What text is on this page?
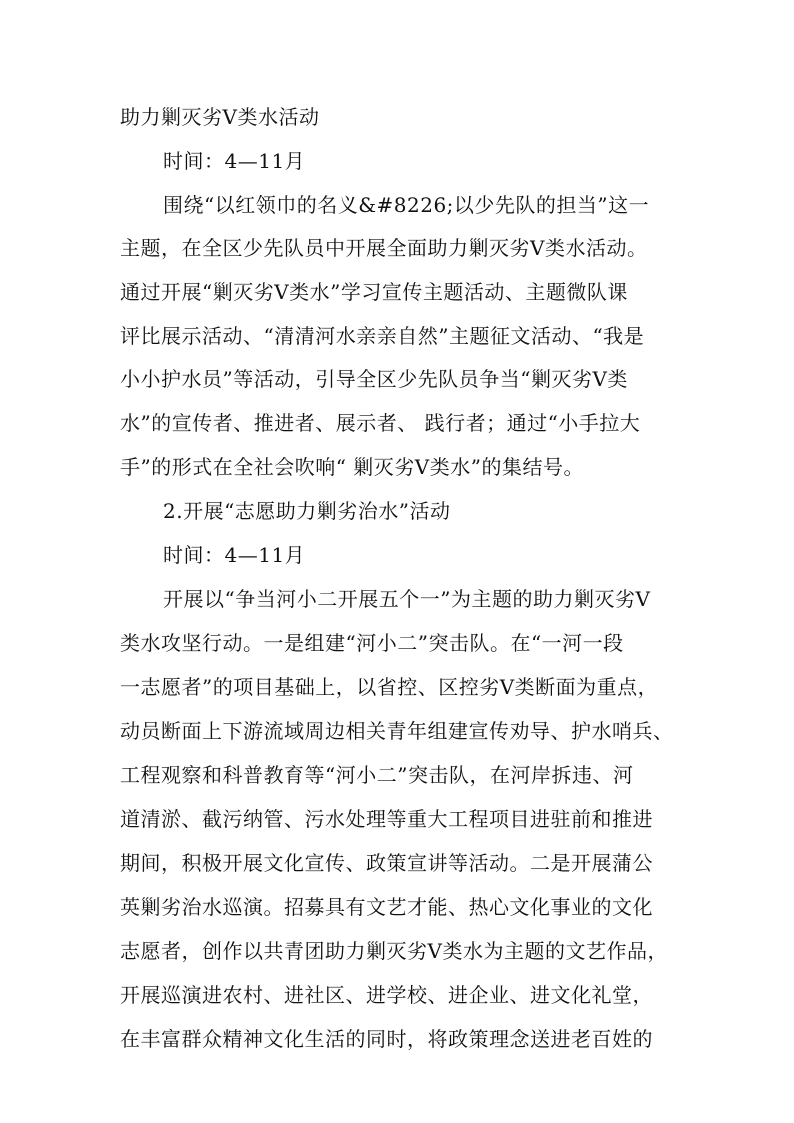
助力剿灭劣Ⅴ类水活动
时间：4—11月
围绕“以红领巾的名义&#8226;以少先队的担当”这一
主题，在全区少先队员中开展全面助力剿灭劣Ⅴ类水活动。
通过开展“剿灭劣Ⅴ类水”学习宣传主题活动、主题微队课
评比展示活动、“清清河水亲亲自然”主题征文活动、“我是
小小护水员”等活动，引导全区少先队员争当“剿灭劣Ⅴ类
水”的宣传者、推进者、展示者、 践行者；通过“小手拉大
手”的形式在全社会吹响“ 剿灭劣Ⅴ类水”的集结号。
2.开展“志愿助力剿劣治水”活动
时间：4—11月
开展以“争当河小二开展五个一”为主题的助力剿灭劣Ⅴ
类水攻坚行动。一是组建“河小二”突击队。在“一河一段
一志愿者”的项目基础上，以省控、区控劣Ⅴ类断面为重点，
动员断面上下游流域周边相关青年组建宣传劝导、护水哨兵、
工程观察和科普教育等“河小二”突击队，在河岸拆违、河
道清淤、截污纳管、污水处理等重大工程项目进驻前和推进
期间，积极开展文化宣传、政策宣讲等活动。二是开展蒲公
英剿劣治水巡演。招募具有文艺才能、热心文化事业的文化
志愿者，创作以共青团助力剿灭劣Ⅴ类水为主题的文艺作品，
开展巡演进农村、进社区、进学校、进企业、进文化礼堂，
在丰富群众精神文化生活的同时，将政策理念送进老百姓的
